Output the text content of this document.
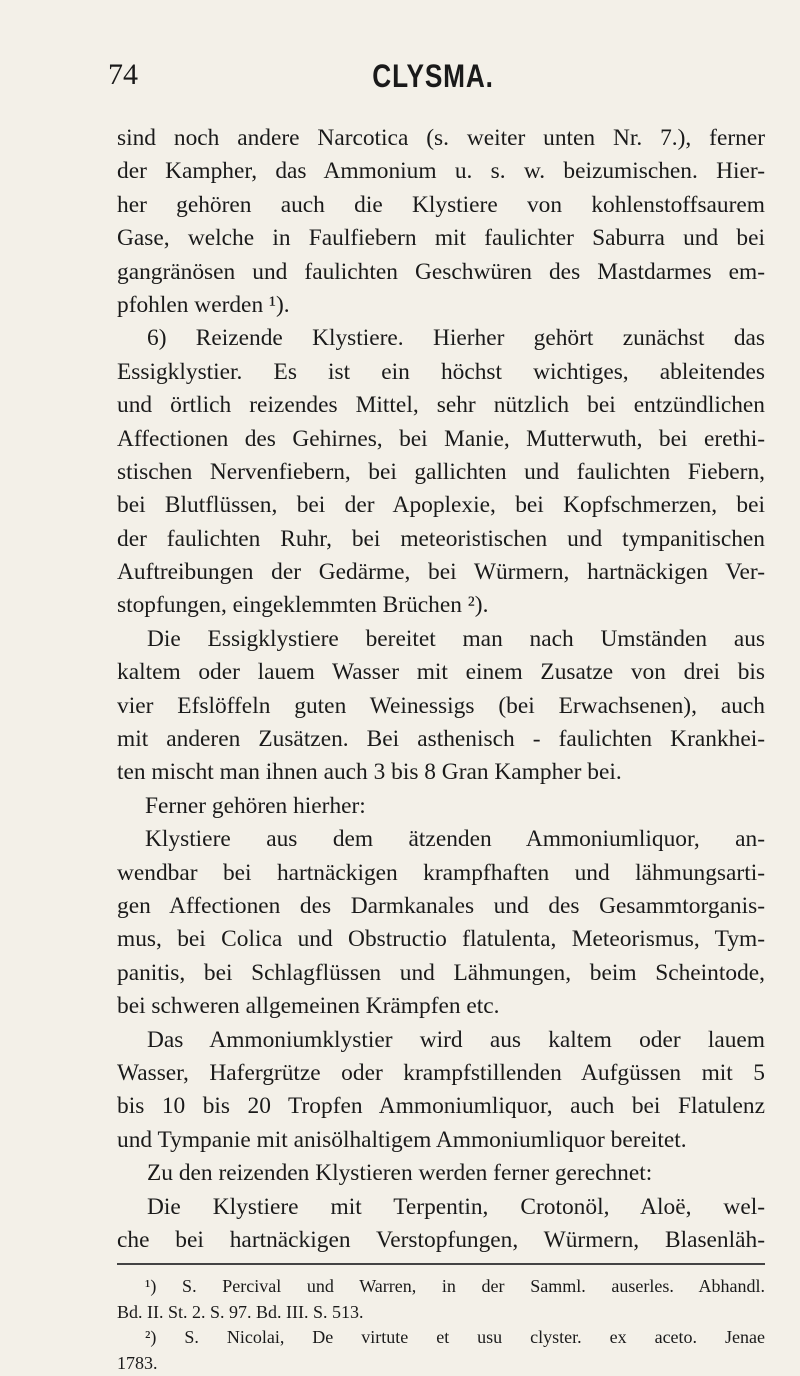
74	CLYSMA.
sind noch andere Narcotica (s. weiter unten Nr. 7.), ferner
der Kampher, das Ammonium u. s. w. beizumischen. Hier-
her gehören auch die Klystiere von kohlenstoffsaurem
Gase, welche in Faulfiebern mit faulichter Saburra und bei
gangränösen und faulichten Geschwüren des Mastdarmes em-
pfohlen werden ¹).
6) Reizende Klystiere. Hierher gehört zunächst das
Essigklystier. Es ist ein höchst wichtiges, ableitendes
und örtlich reizendes Mittel, sehr nützlich bei entzündlichen
Affectionen des Gehirnes, bei Manie, Mutterwuth, bei erethi-
stischen Nervenfiebern, bei gallichten und faulichten Fiebern,
bei Blutflüssen, bei der Apoplexie, bei Kopfschmerzen, bei
der faulichten Ruhr, bei meteoristischen und tympanitischen
Auftreibungen der Gedärme, bei Würmern, hartnäckigen Ver-
stopfungen, eingeklemmten Brüchen ²).
Die Essigklystiere bereitet man nach Umständen aus
kaltem oder lauem Wasser mit einem Zusatze von drei bis
vier Efslöffeln guten Weinessigs (bei Erwachsenen), auch
mit anderen Zusätzen. Bei asthenisch - faulichten Krankhei-
ten mischt man ihnen auch 3 bis 8 Gran Kampher bei.
Ferner gehören hierher:
Klystiere aus dem ätzenden Ammoniumliquor, an-
wendbar bei hartnäckigen krampfhaften und lähmungsarti-
gen Affectionen des Darmkanales und des Gesammtorganis-
mus, bei Colica und Obstructio flatulenta, Meteorismus, Tym-
panitis, bei Schlagflüssen und Lähmungen, beim Scheintode,
bei schweren allgemeinen Krämpfen etc.
Das Ammoniumklystier wird aus kaltem oder lauem
Wasser, Hafergrütze oder krampfstillenden Aufgüssen mit 5
bis 10 bis 20 Tropfen Ammoniumliquor, auch bei Flatulenz
und Tympanie mit anisölhaltigem Ammoniumliquor bereitet.
Zu den reizenden Klystieren werden ferner gerechnet:
Die Klystiere mit Terpentin, Crotonöl, Aloë, wel-
che bei hartnäckigen Verstopfungen, Würmern, Blasenläh-
¹) S. Percival und Warren, in der Samml. auserles. Abhandl.
Bd. II. St. 2. S. 97. Bd. III. S. 513.
²) S. Nicolai, De virtute et usu clyster. ex aceto. Jenae
1783.
